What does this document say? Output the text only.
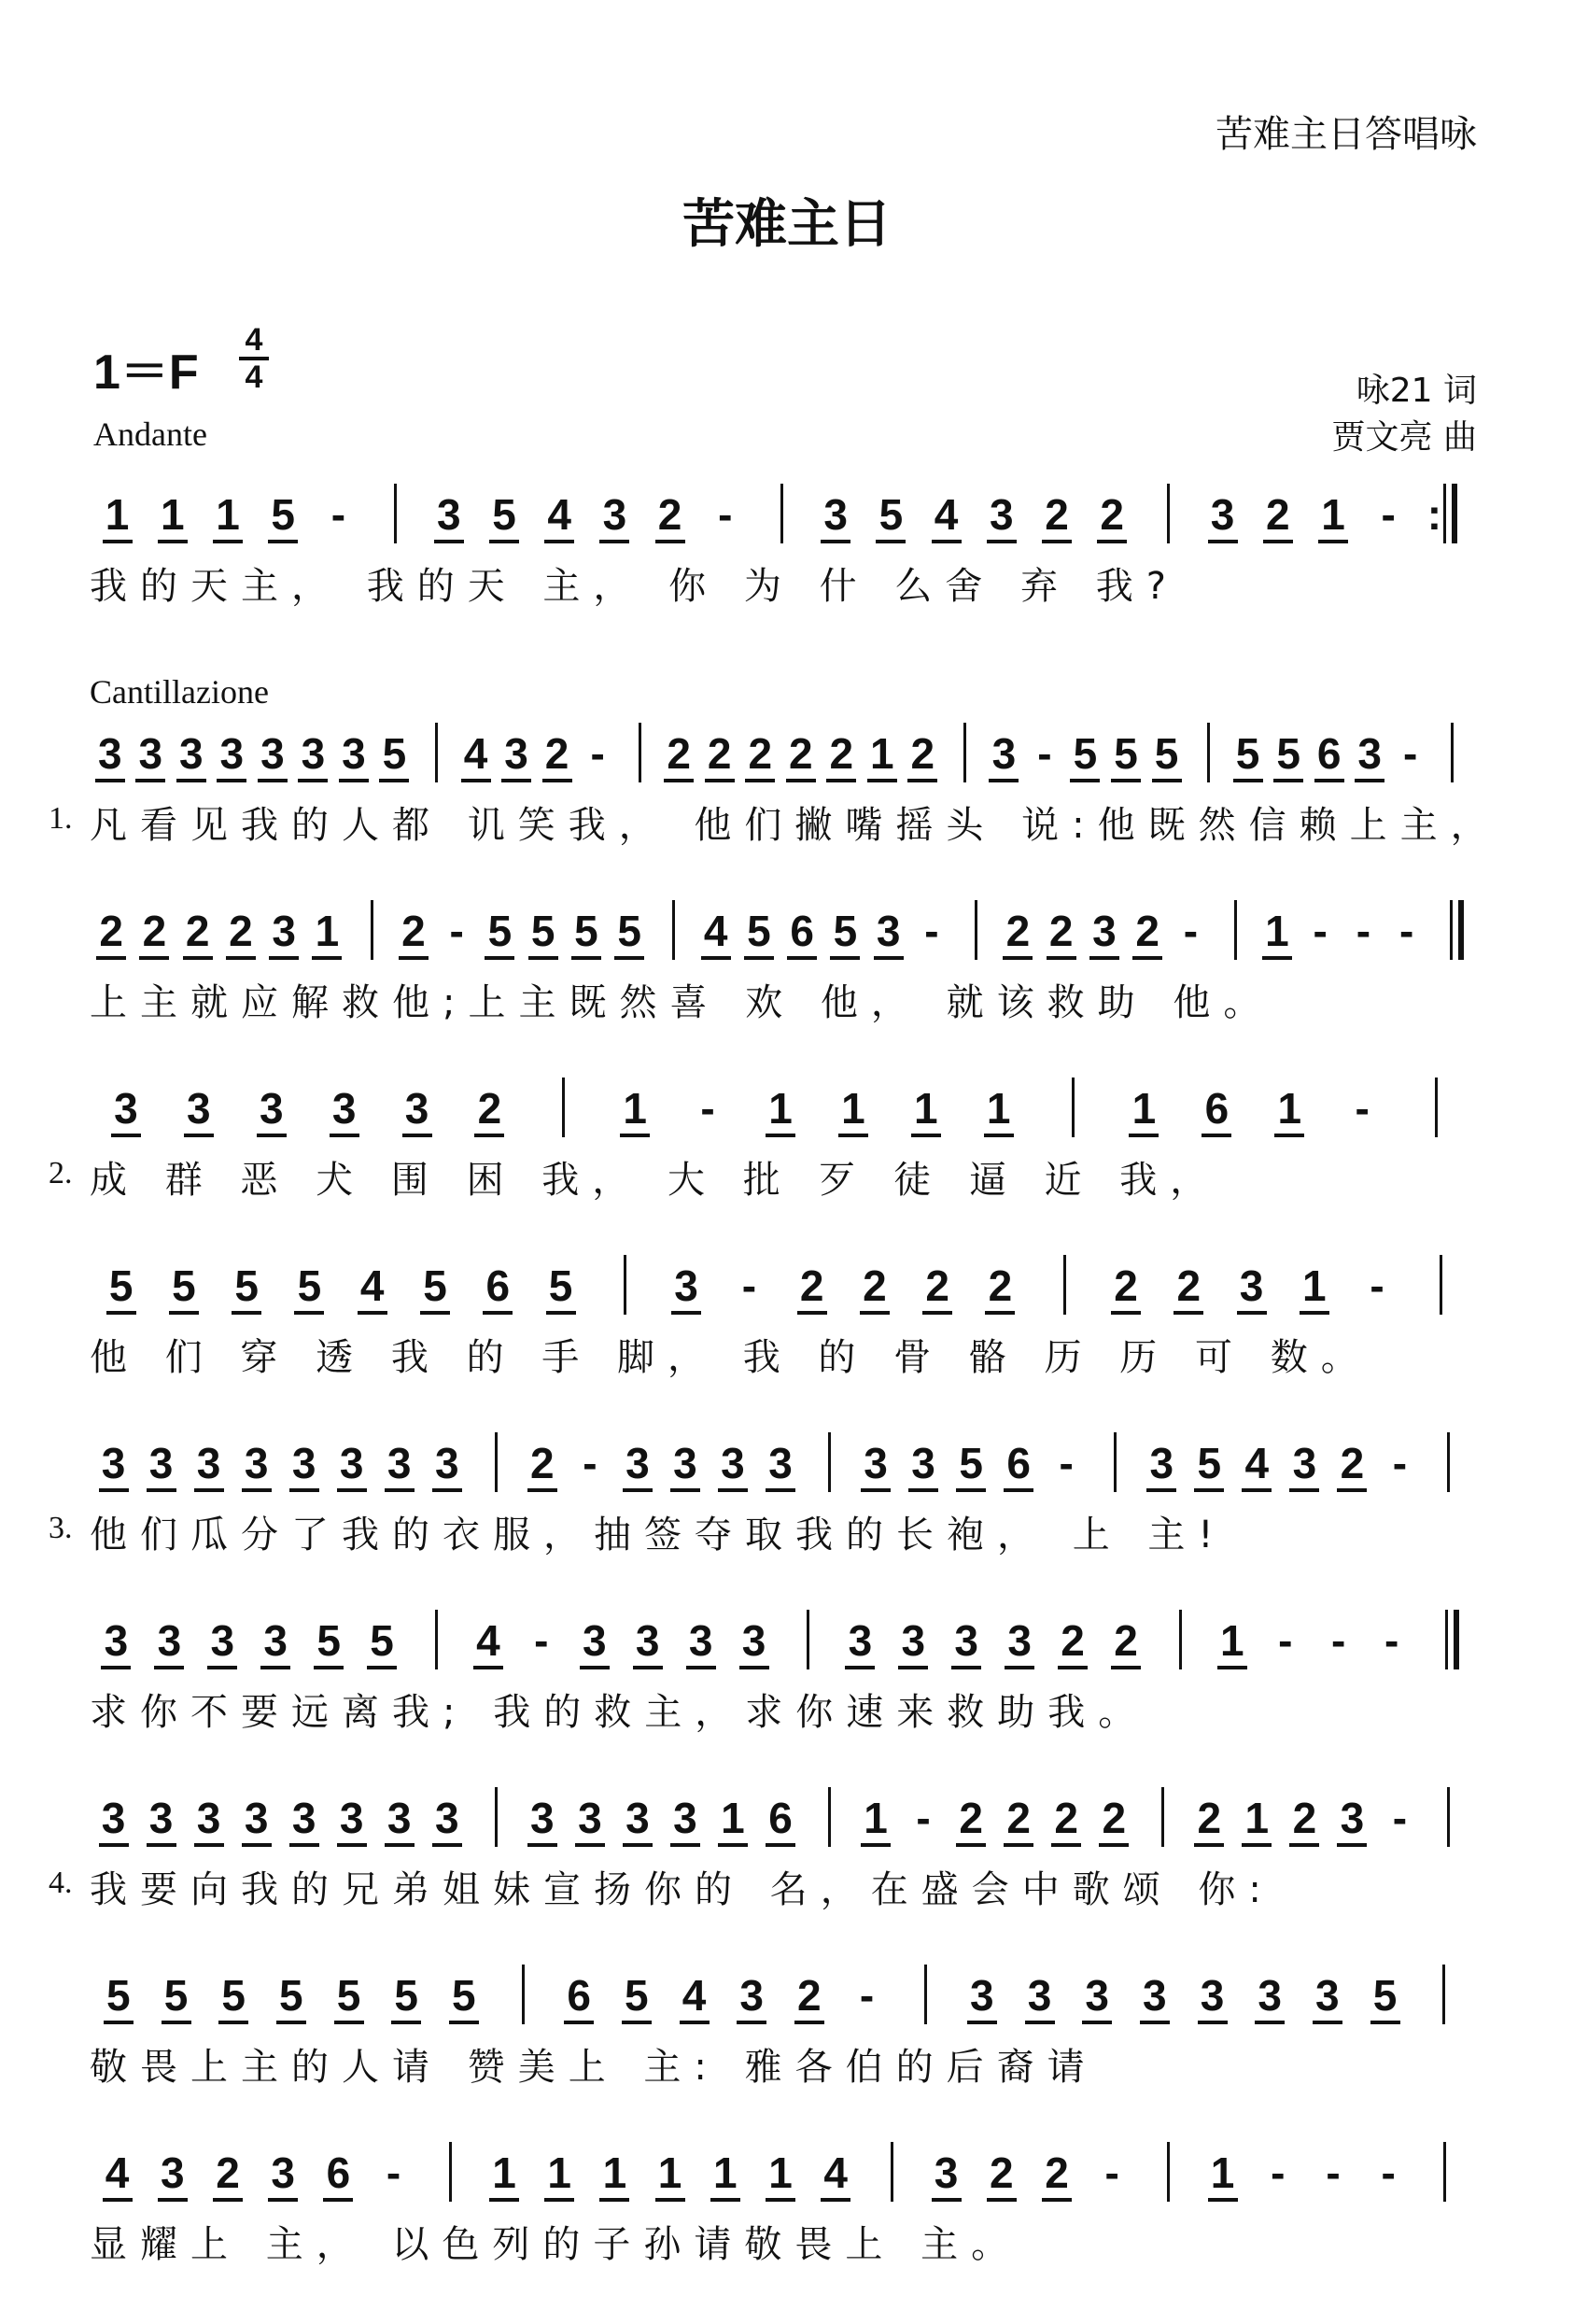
苦难主日答唱咏
苦难主日
1＝F
4
4
Andante
咏21 词
贾文亮 曲
Cantillazione
1 1 1 5 - 3 5 4 3 2 - 3 5 4 3 2 2 3 2 1 - :
我的天主， 我的天 主， 你 为 什 么舍 弃 我?
3 3 3 3 3 3 3 5 4 3 2 - 2 2 2 2 2 1 2 3 - 5 5 5 5 5 6 3 -
1. 凡看见我的人都 讥笑我， 他们撇嘴摇头 说:他既然信赖上主，
2 2 2 2 3 1 2 - 5 5 5 5 4 5 6 5 3 - 2 2 3 2 - 1 - - -
上主就应解救他;上主既然喜 欢 他， 就该救助 他。
3 3 3 3 3 2	1 - 1 1 1 1	1 6 1 -
2. 成 群 恶 犬 围 困 我， 大 批 歹 徒 逼 近 我，
5 5 5 5 4 5 6 5 3 - 2 2 2 2 2 2 3 1 -
他 们 穿 透 我 的 手 脚， 我 的 骨 骼 历 历 可 数。
3 3 3 3 3 3 3 3 2 - 3 3 3 3 3 3 5 6 - 3 5 4 3 2 -
3. 他们瓜分了我的衣服，抽签夺取我的长袍， 上 主!
3 3 3 3 5 5 4 - 3 3 3 3 3 3 3 3 2 2 1 - - -
求你不要远离我; 我的救主，求你速来救助我。
3 3 3 3 3 3 3 3 3 3 3 3 1 6 1 - 2 2 2 2 2 1 2 3 -
4. 我要向我的兄弟姐妹宣扬你的 名，在盛会中歌颂 你:
5 5 5 5 5 5 5 6 5 4 3 2 - 3 3 3 3 3 3 3 5
敬畏上主的人请 赞美上 主: 雅各伯的后裔请
4 3 2 3 6 - 1 1 1 1 1 1 4 3 2 2 - 1 - - -
显耀上 主， 以色列的子孙请敬畏上 主。
